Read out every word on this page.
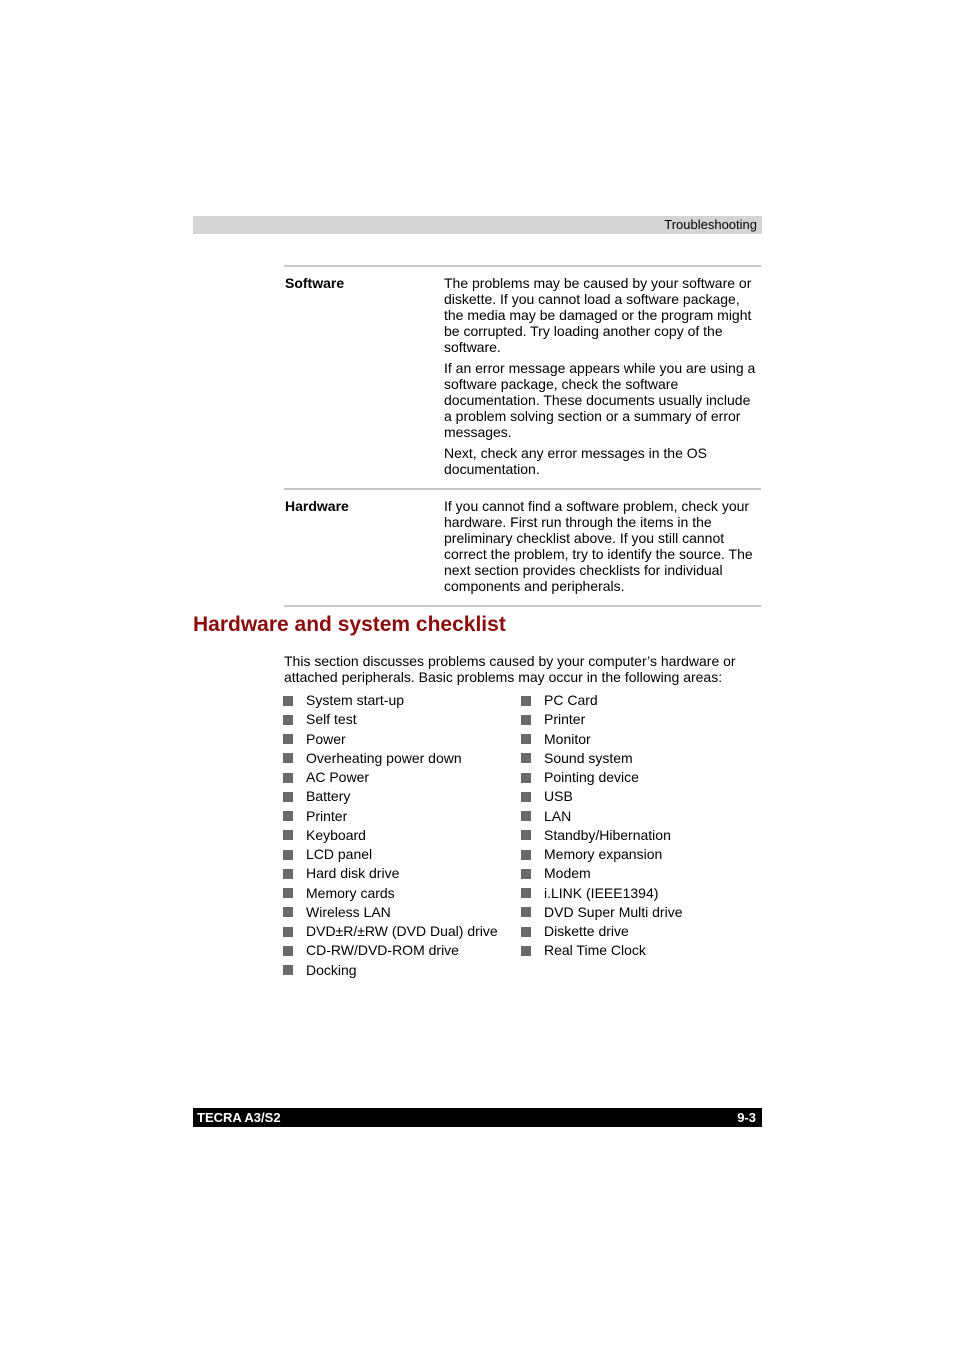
Troubleshooting
Software	The problems may be caused by your software or diskette. If you cannot load a software package, the media may be damaged or the program might be corrupted. Try loading another copy of the software.

If an error message appears while you are using a software package, check the software documentation. These documents usually include a problem solving section or a summary of error messages.

Next, check any error messages in the OS documentation.

Hardware	If you cannot find a software problem, check your hardware. First run through the items in the preliminary checklist above. If you still cannot correct the problem, try to identify the source. The next section provides checklists for individual components and peripherals.

Hardware and system checklist

This section discusses problems caused by your computer’s hardware or attached peripherals. Basic problems may occur in the following areas:

System start-up
Self test
Power
Overheating power down
AC Power
Battery
Printer
Keyboard
LCD panel
Hard disk drive
Memory cards
Wireless LAN
DVD±R/±RW (DVD Dual) drive
CD-RW/DVD-ROM drive
Docking
PC Card
Printer
Monitor
Sound system
Pointing device
USB
LAN
Standby/Hibernation
Memory expansion
Modem
i.LINK (IEEE1394)
DVD Super Multi drive
Diskette drive
Real Time Clock
TECRA A3/S2	9-3
